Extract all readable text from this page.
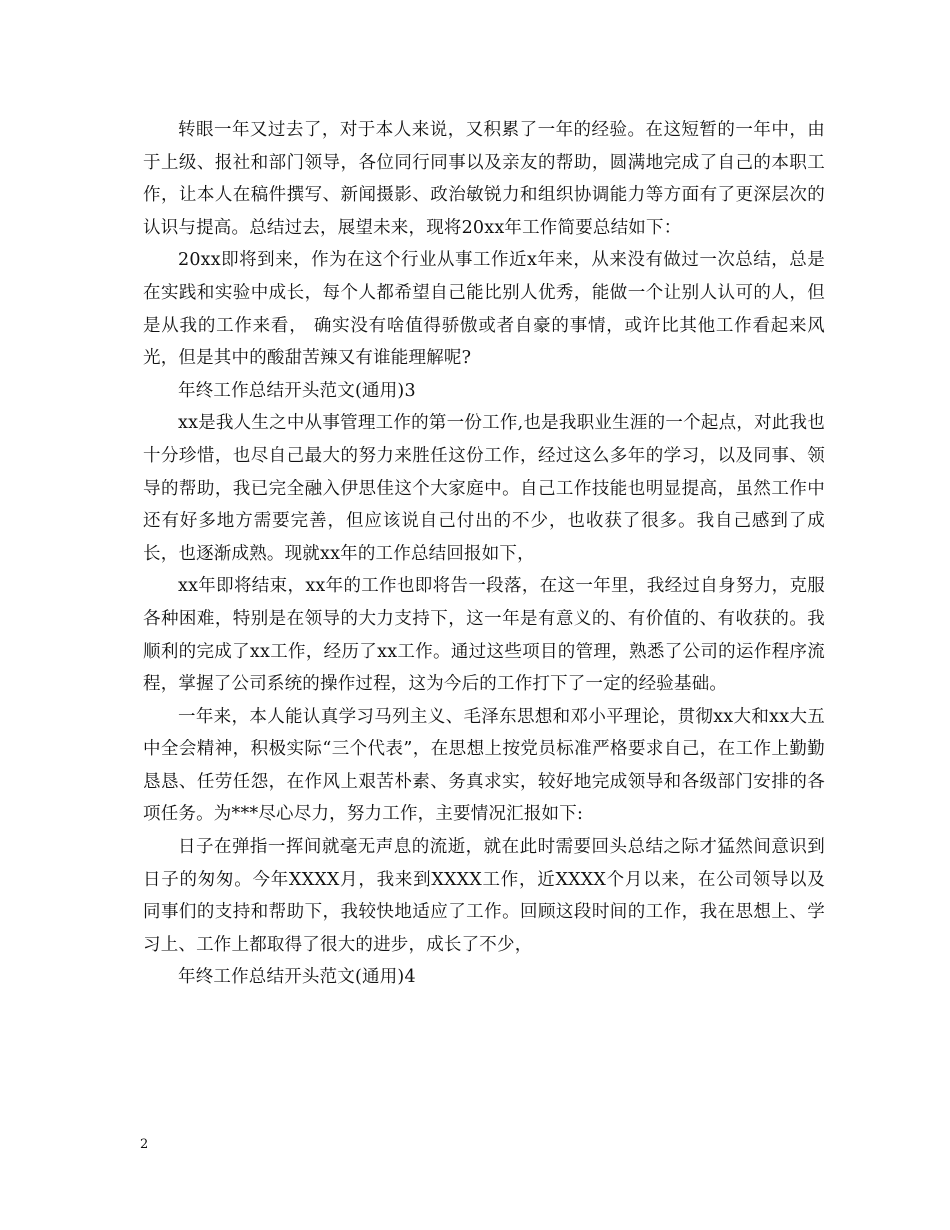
转眼一年又过去了，对于本人来说，又积累了一年的经验。在这短暂的一年中，由于上级、报社和部门领导，各位同行同事以及亲友的帮助，圆满地完成了自己的本职工作，让本人在稿件撰写、新闻摄影、政治敏锐力和组织协调能力等方面有了更深层次的认识与提高。总结过去，展望未来，现将20xx年工作简要总结如下：

20xx即将到来，作为在这个行业从事工作近x年来，从来没有做过一次总结，总是在实践和实验中成长，每个人都希望自己能比别人优秀，能做一个让别人认可的人，但是从我的工作来看， 确实没有啥值得骄傲或者自豪的事情，或许比其他工作看起来风光，但是其中的酸甜苦辣又有谁能理解呢?

年终工作总结开头范文(通用)3

xx是我人生之中从事管理工作的第一份工作,也是我职业生涯的一个起点，对此我也十分珍惜，也尽自己最大的努力来胜任这份工作，经过这么多年的学习，以及同事、领导的帮助，我已完全融入伊思佳这个大家庭中。自己工作技能也明显提高，虽然工作中还有好多地方需要完善，但应该说自己付出的不少，也收获了很多。我自己感到了成长，也逐渐成熟。现就xx年的工作总结回报如下，

xx年即将结束，xx年的工作也即将告一段落，在这一年里，我经过自身努力，克服各种困难，特别是在领导的大力支持下，这一年是有意义的、有价值的、有收获的。我顺利的完成了xx工作，经历了xx工作。通过这些项目的管理，熟悉了公司的运作程序流程，掌握了公司系统的操作过程，这为今后的工作打下了一定的经验基础。

一年来，本人能认真学习马列主义、毛泽东思想和邓小平理论，贯彻xx大和xx大五中全会精神，积极实际“三个代表”，在思想上按党员标准严格要求自己，在工作上勤勤恳恳、任劳任怨，在作风上艰苦朴素、务真求实，较好地完成领导和各级部门安排的各项任务。为***尽心尽力，努力工作，主要情况汇报如下:

日子在弹指一挥间就毫无声息的流逝，就在此时需要回头总结之际才猛然间意识到日子的匆匆。今年XXXX月，我来到XXXX工作，近XXXX个月以来，在公司领导以及同事们的支持和帮助下，我较快地适应了工作。回顾这段时间的工作，我在思想上、学习上、工作上都取得了很大的进步，成长了不少，

年终工作总结开头范文(通用)4

2
